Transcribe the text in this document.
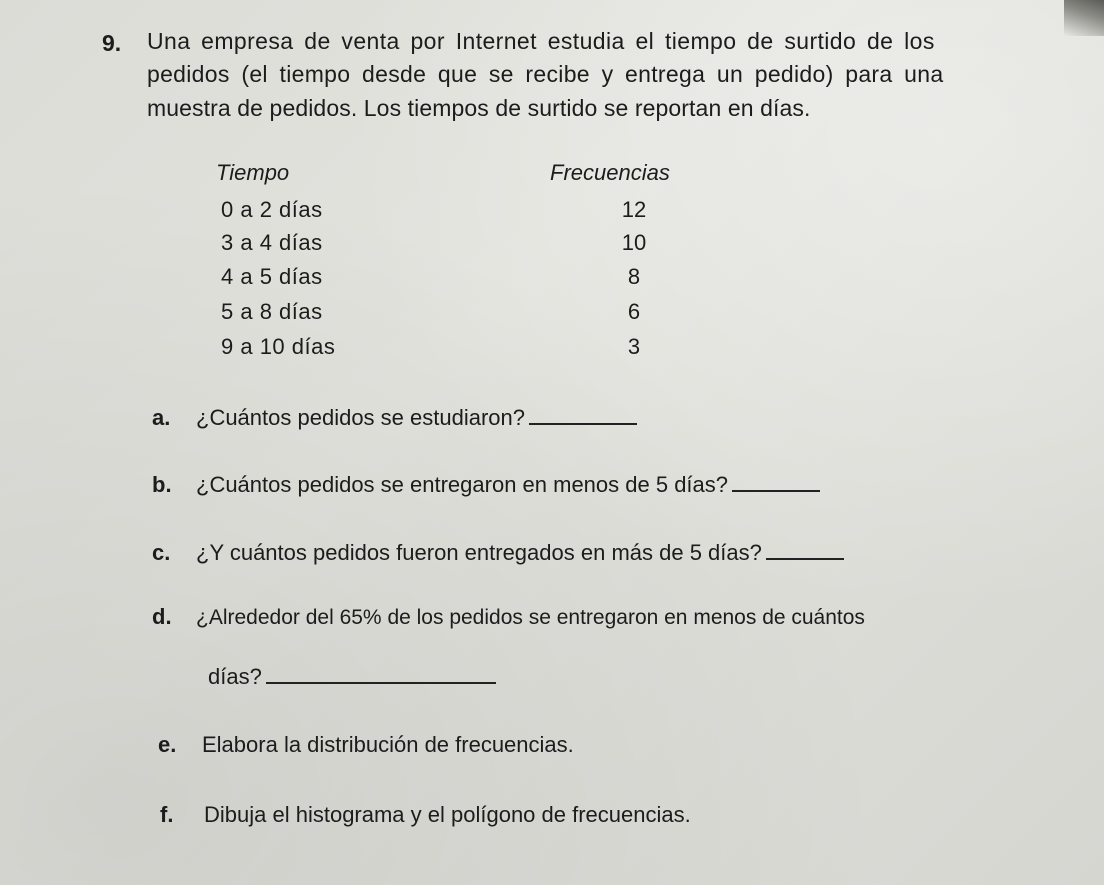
9. Una empresa de venta por Internet estudia el tiempo de surtido de los
pedidos (el tiempo desde que se recibe y entrega un pedido) para una
muestra de pedidos. Los tiempos de surtido se reportan en días.
Tiempo	Frecuencias
0 a 2 días	12
3 a 4 días	10
4 a 5 días	8
5 a 8 días	6
9 a 10 días	3
a. ¿Cuántos pedidos se estudiaron?
b. ¿Cuántos pedidos se entregaron en menos de 5 días?
c. ¿Y cuántos pedidos fueron entregados en más de 5 días?
d. ¿Alrededor del 65% de los pedidos se entregaron en menos de cuántos
días?
e. Elabora la distribución de frecuencias.
f. Dibuja el histograma y el polígono de frecuencias.
